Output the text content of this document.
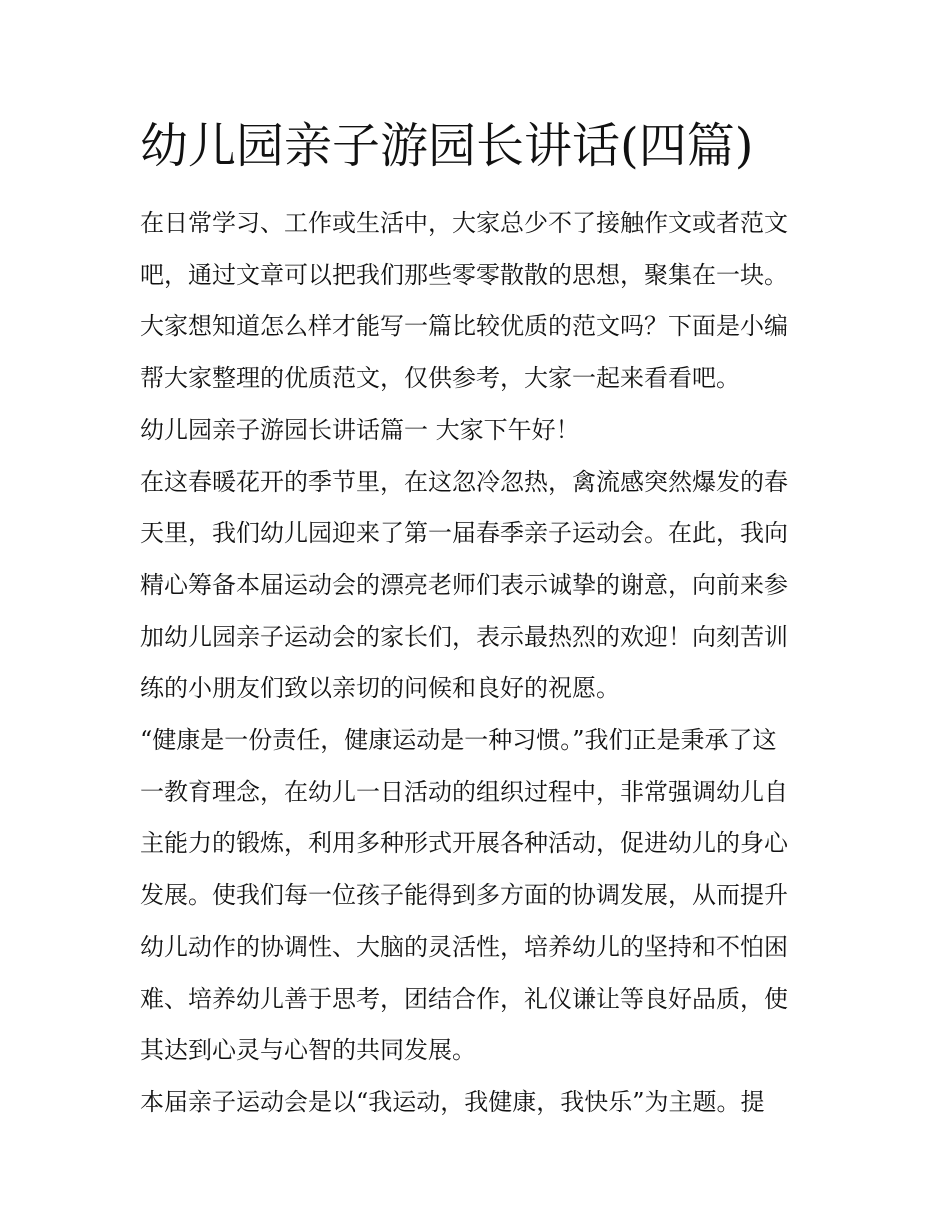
幼儿园亲子游园长讲话(四篇)

在日常学习、工作或生活中，大家总少不了接触作文或者范文
吧，通过文章可以把我们那些零零散散的思想，聚集在一块。
大家想知道怎么样才能写一篇比较优质的范文吗？下面是小编
帮大家整理的优质范文，仅供参考，大家一起来看看吧。

幼儿园亲子游园长讲话篇一 大家下午好！

在这春暖花开的季节里，在这忽冷忽热，禽流感突然爆发的春
天里，我们幼儿园迎来了第一届春季亲子运动会。在此，我向
精心筹备本届运动会的漂亮老师们表示诚挚的谢意，向前来参
加幼儿园亲子运动会的家长们，表示最热烈的欢迎！向刻苦训
练的小朋友们致以亲切的问候和良好的祝愿。

“健康是一份责任，健康运动是一种习惯。”我们正是秉承了这
一教育理念，在幼儿一日活动的组织过程中，非常强调幼儿自
主能力的锻炼，利用多种形式开展各种活动，促进幼儿的身心
发展。使我们每一位孩子能得到多方面的协调发展，从而提升
幼儿动作的协调性、大脑的灵活性，培养幼儿的坚持和不怕困
难、培养幼儿善于思考，团结合作，礼仪谦让等良好品质，使
其达到心灵与心智的共同发展。

本届亲子运动会是以“我运动，我健康，我快乐”为主题。提
